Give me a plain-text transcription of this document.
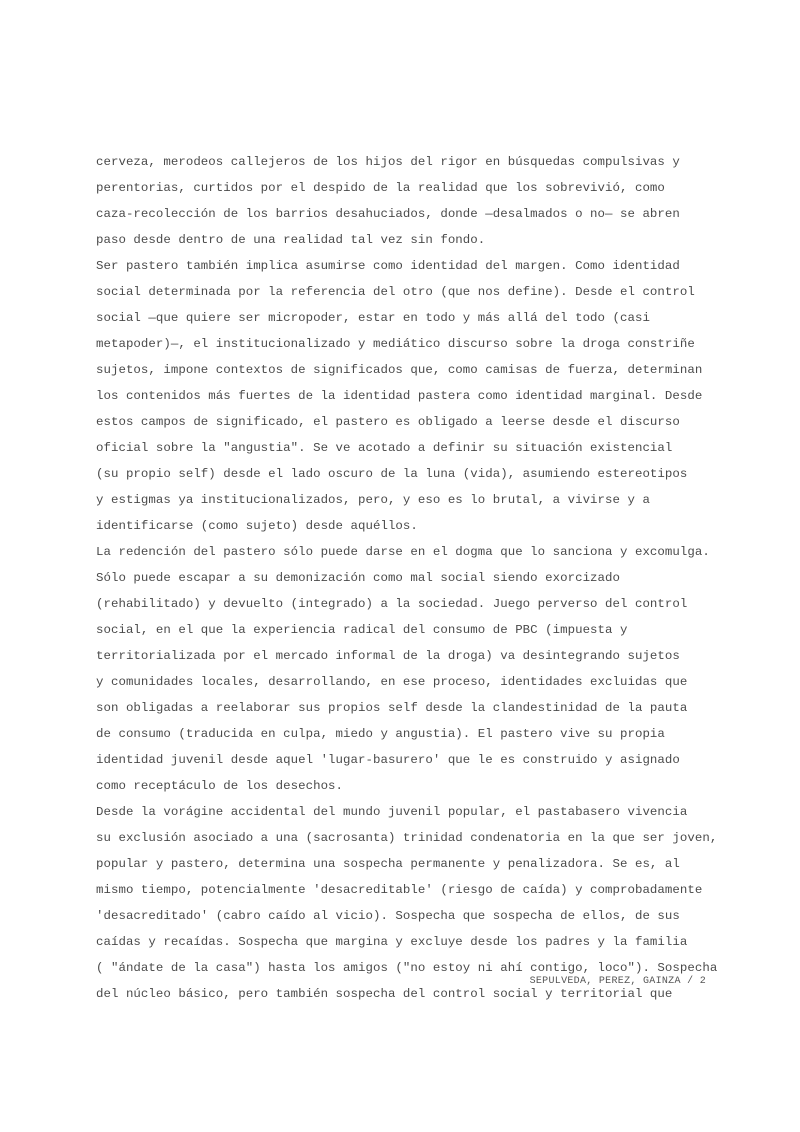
cerveza, merodeos callejeros de los hijos del rigor en búsquedas compulsivas y
perentorias, curtidos por el despido de la realidad que los sobrevivió, como
caza-recolección de los barrios desahuciados, donde —desalmados o no— se abren
paso desde dentro de una realidad tal vez sin fondo.
Ser pastero también implica asumirse como identidad del margen. Como identidad
social determinada por la referencia del otro (que nos define). Desde el control
social —que quiere ser micropoder, estar en todo y más allá del todo (casi
metapoder)—, el institucionalizado y mediático discurso sobre la droga constriñe
sujetos, impone contextos de significados que, como camisas de fuerza, determinan
los contenidos más fuertes de la identidad pastera como identidad marginal. Desde
estos campos de significado, el pastero es obligado a leerse desde el discurso
oficial sobre la "angustia". Se ve acotado a definir su situación existencial
(su propio self) desde el lado oscuro de la luna (vida), asumiendo estereotipos
y estigmas ya institucionalizados, pero, y eso es lo brutal, a vivirse y a
identificarse (como sujeto) desde aquéllos.
La redención del pastero sólo puede darse en el dogma que lo sanciona y excomulga.
Sólo puede escapar a su demonización como mal social siendo exorcizado
(rehabilitado) y devuelto (integrado) a la sociedad. Juego perverso del control
social, en el que la experiencia radical del consumo de PBC (impuesta y
territorializada por el mercado informal de la droga) va desintegrando sujetos
y comunidades locales, desarrollando, en ese proceso, identidades excluidas que
son obligadas a reelaborar sus propios self desde la clandestinidad de la pauta
de consumo (traducida en culpa, miedo y angustia). El pastero vive su propia
identidad juvenil desde aquel 'lugar-basurero' que le es construido y asignado
como receptáculo de los desechos.
Desde la vorágine accidental del mundo juvenil popular, el pastabasero vivencia
su exclusión asociado a una (sacrosanta) trinidad condenatoria en la que ser joven,
popular y pastero, determina una sospecha permanente y penalizadora. Se es, al
mismo tiempo, potencialmente 'desacreditable' (riesgo de caída) y comprobadamente
'desacreditado' (cabro caído al vicio). Sospecha que sospecha de ellos, de sus
caídas y recaídas. Sospecha que margina y excluye desde los padres y la familia
( "ándate de la casa") hasta los amigos ("no estoy ni ahí contigo, loco"). Sospecha
del núcleo básico, pero también sospecha del control social y territorial que
SEPULVEDA, PEREZ, GAINZA / 2
